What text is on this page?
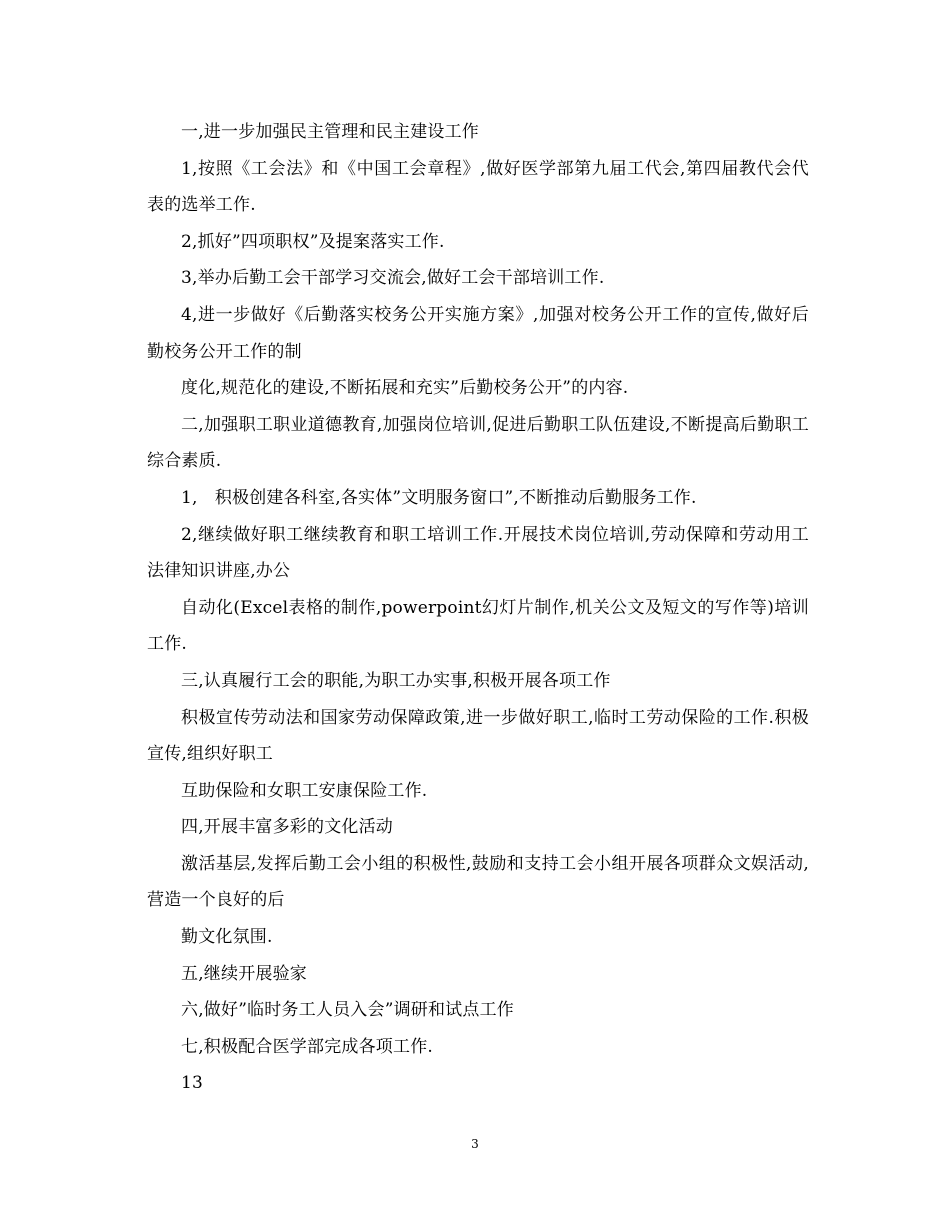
一,进一步加强民主管理和民主建设工作

1,按照《工会法》和《中国工会章程》,做好医学部第九届工代会,第四届教代会代表的选举工作.

2,抓好”四项职权”及提案落实工作.

3,举办后勤工会干部学习交流会,做好工会干部培训工作.

4,进一步做好《后勤落实校务公开实施方案》,加强对校务公开工作的宣传,做好后勤校务公开工作的制

度化,规范化的建设,不断拓展和充实”后勤校务公开”的内容.

二,加强职工职业道德教育,加强岗位培训,促进后勤职工队伍建设,不断提高后勤职工综合素质.

1,　积极创建各科室,各实体”文明服务窗口”,不断推动后勤服务工作.

2,继续做好职工继续教育和职工培训工作.开展技术岗位培训,劳动保障和劳动用工法律知识讲座,办公

自动化(Excel表格的制作,powerpoint幻灯片制作,机关公文及短文的写作等)培训工作.

三,认真履行工会的职能,为职工办实事,积极开展各项工作

积极宣传劳动法和国家劳动保障政策,进一步做好职工,临时工劳动保险的工作.积极宣传,组织好职工

互助保险和女职工安康保险工作.

四,开展丰富多彩的文化活动

激活基层,发挥后勤工会小组的积极性,鼓励和支持工会小组开展各项群众文娱活动,营造一个良好的后

勤文化氛围.

五,继续开展验家

六,做好”临时务工人员入会”调研和试点工作

七,积极配合医学部完成各项工作.

13

3
